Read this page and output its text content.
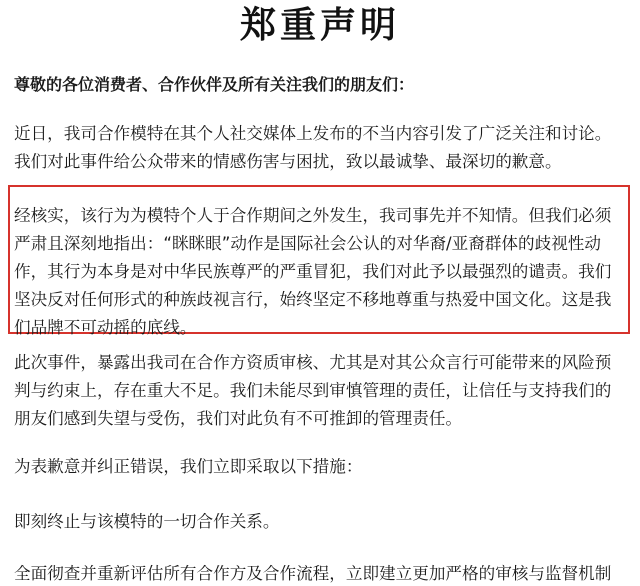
郑重声明
尊敬的各位消费者、合作伙伴及所有关注我们的朋友们：
近日，我司合作模特在其个人社交媒体上发布的不当内容引发了广泛关注和讨论。
我们对此事件给公众带来的情感伤害与困扰，致以最诚挚、最深切的歉意。
经核实，该行为为模特个人于合作期间之外发生，我司事先并不知情。但我们必须
严肃且深刻地指出：“眯眯眼”动作是国际社会公认的对华裔/亚裔群体的歧视性动
作，其行为本身是对中华民族尊严的严重冒犯，我们对此予以最强烈的谴责。我们
坚决反对任何形式的种族歧视言行，始终坚定不移地尊重与热爱中国文化。这是我
们品牌不可动摇的底线。
此次事件，暴露出我司在合作方资质审核、尤其是对其公众言行可能带来的风险预
判与约束上，存在重大不足。我们未能尽到审慎管理的责任，让信任与支持我们的
朋友们感到失望与受伤，我们对此负有不可推卸的管理责任。
为表歉意并纠正错误，我们立即采取以下措施：
即刻终止与该模特的一切合作关系。
全面彻查并重新评估所有合作方及合作流程，立即建立更加严格的审核与监督机制
